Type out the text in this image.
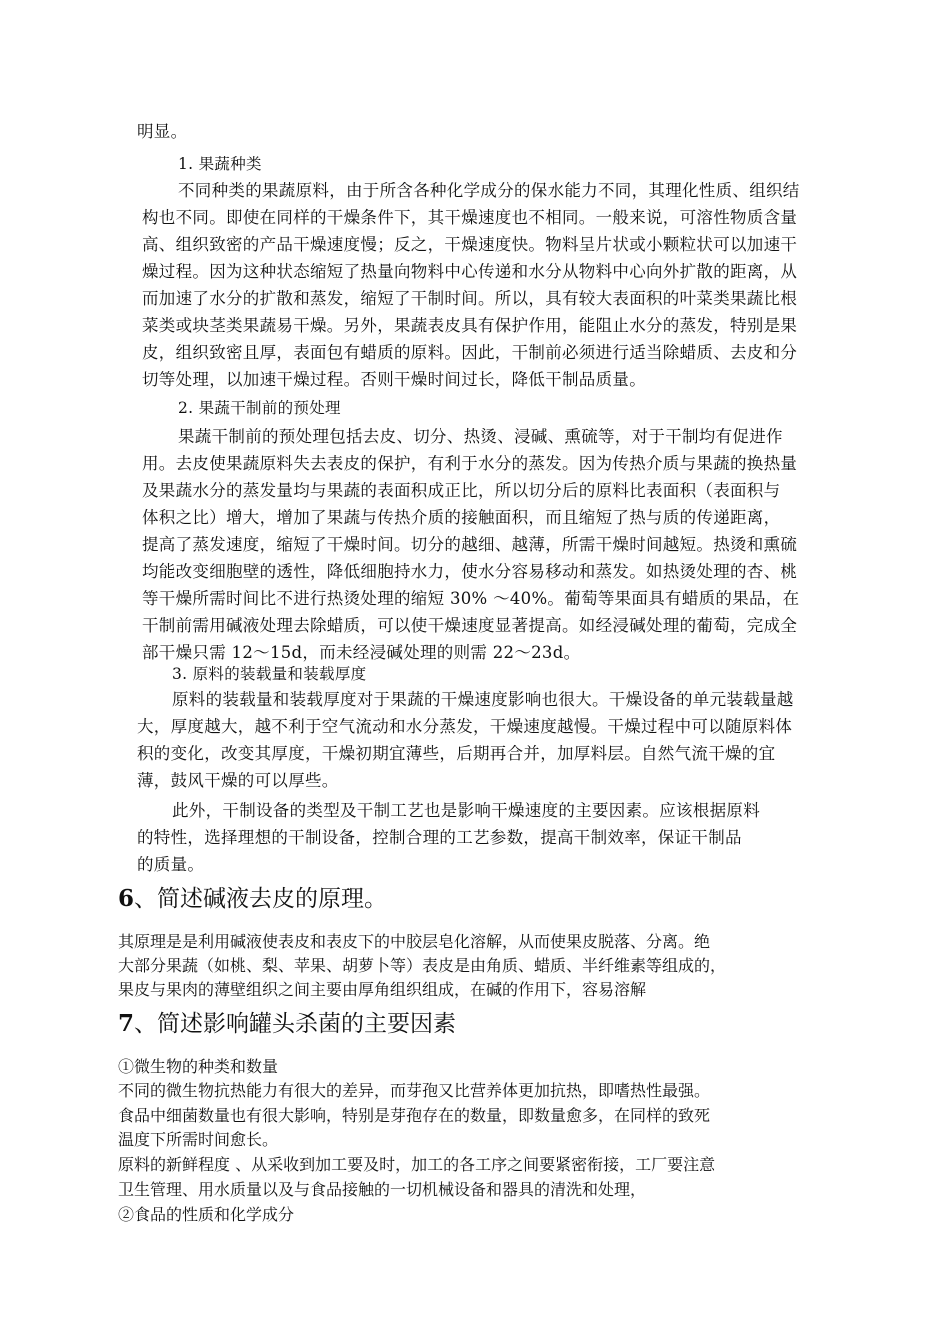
明显。
1. 果蔬种类
不同种类的果蔬原料，由于所含各种化学成分的保水能力不同，其理化性质、组织结
构也不同。即使在同样的干燥条件下，其干燥速度也不相同。一般来说，可溶性物质含量
高、组织致密的产品干燥速度慢；反之，干燥速度快。物料呈片状或小颗粒状可以加速干
燥过程。因为这种状态缩短了热量向物料中心传递和水分从物料中心向外扩散的距离，从
而加速了水分的扩散和蒸发，缩短了干制时间。所以，具有较大表面积的叶菜类果蔬比根
菜类或块茎类果蔬易干燥。另外，果蔬表皮具有保护作用，能阻止水分的蒸发，特别是果
皮，组织致密且厚，表面包有蜡质的原料。因此，干制前必须进行适当除蜡质、去皮和分
切等处理，以加速干燥过程。否则干燥时间过长，降低干制品质量。
2. 果蔬干制前的预处理
果蔬干制前的预处理包括去皮、切分、热烫、浸碱、熏硫等，对于干制均有促进作
用。去皮使果蔬原料失去表皮的保护，有利于水分的蒸发。因为传热介质与果蔬的换热量
及果蔬水分的蒸发量均与果蔬的表面积成正比，所以切分后的原料比表面积（表面积与
体积之比）增大，增加了果蔬与传热介质的接触面积，而且缩短了热与质的传递距离，
提高了蒸发速度，缩短了干燥时间。切分的越细、越薄，所需干燥时间越短。热烫和熏硫
均能改变细胞壁的透性，降低细胞持水力，使水分容易移动和蒸发。如热烫处理的杏、桃
等干燥所需时间比不进行热烫处理的缩短 30% ～40%。葡萄等果面具有蜡质的果品，在
干制前需用碱液处理去除蜡质，可以使干燥速度显著提高。如经浸碱处理的葡萄，完成全
部干燥只需 12～15d，而未经浸碱处理的则需 22～23d。
3. 原料的装载量和装载厚度
原料的装载量和装载厚度对于果蔬的干燥速度影响也很大。干燥设备的单元装载量越
大，厚度越大，越不利于空气流动和水分蒸发，干燥速度越慢。干燥过程中可以随原料体
积的变化，改变其厚度，干燥初期宜薄些，后期再合并，加厚料层。自然气流干燥的宜
薄，鼓风干燥的可以厚些。
此外，干制设备的类型及干制工艺也是影响干燥速度的主要因素。应该根据原料
的特性，选择理想的干制设备，控制合理的工艺参数，提高干制效率，保证干制品
的质量。
6、简述碱液去皮的原理。
其原理是是利用碱液使表皮和表皮下的中胶层皂化溶解，从而使果皮脱落、分离。绝
大部分果蔬（如桃、梨、苹果、胡萝卜等）表皮是由角质、蜡质、半纤维素等组成的，
果皮与果肉的薄壁组织之间主要由厚角组织组成，在碱的作用下，容易溶解
7、简述影响罐头杀菌的主要因素
①微生物的种类和数量
不同的微生物抗热能力有很大的差异，而芽孢又比营养体更加抗热，即嗜热性最强。
食品中细菌数量也有很大影响，特别是芽孢存在的数量，即数量愈多，在同样的致死
温度下所需时间愈长。
原料的新鲜程度 、从采收到加工要及时，加工的各工序之间要紧密衔接，工厂要注意
卫生管理、用水质量以及与食品接触的一切机械设备和器具的清洗和处理，
②食品的性质和化学成分
